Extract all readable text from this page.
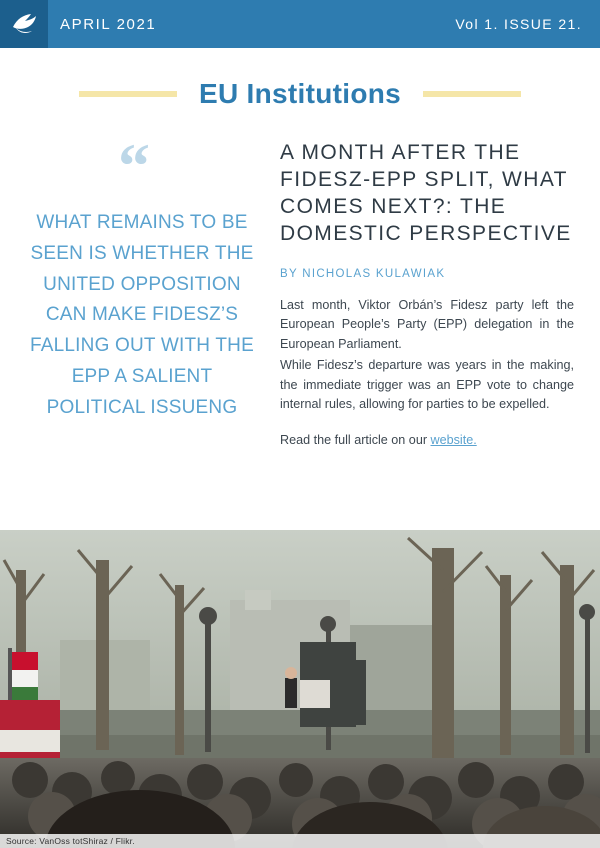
APRIL 2021	Vol 1. ISSUE 21.
EU Institutions
“
WHAT REMAINS TO BE SEEN IS WHETHER THE UNITED OPPOSITION CAN MAKE FIDESZ’S FALLING OUT WITH THE EPP A SALIENT POLITICAL ISSUENG
A MONTH AFTER THE FIDESZ-EPP SPLIT, WHAT COMES NEXT?: THE DOMESTIC PERSPECTIVE
BY NICHOLAS KULAWIAK

Last month, Viktor Orbán’s Fidesz party left the European People’s Party (EPP) delegation in the European Parliament.

While Fidesz’s departure was years in the making, the immediate trigger was an EPP vote to change internal rules, allowing for parties to be expelled.

Read the full article on our website.
Source: VanOss totShiraz / Flikr.
